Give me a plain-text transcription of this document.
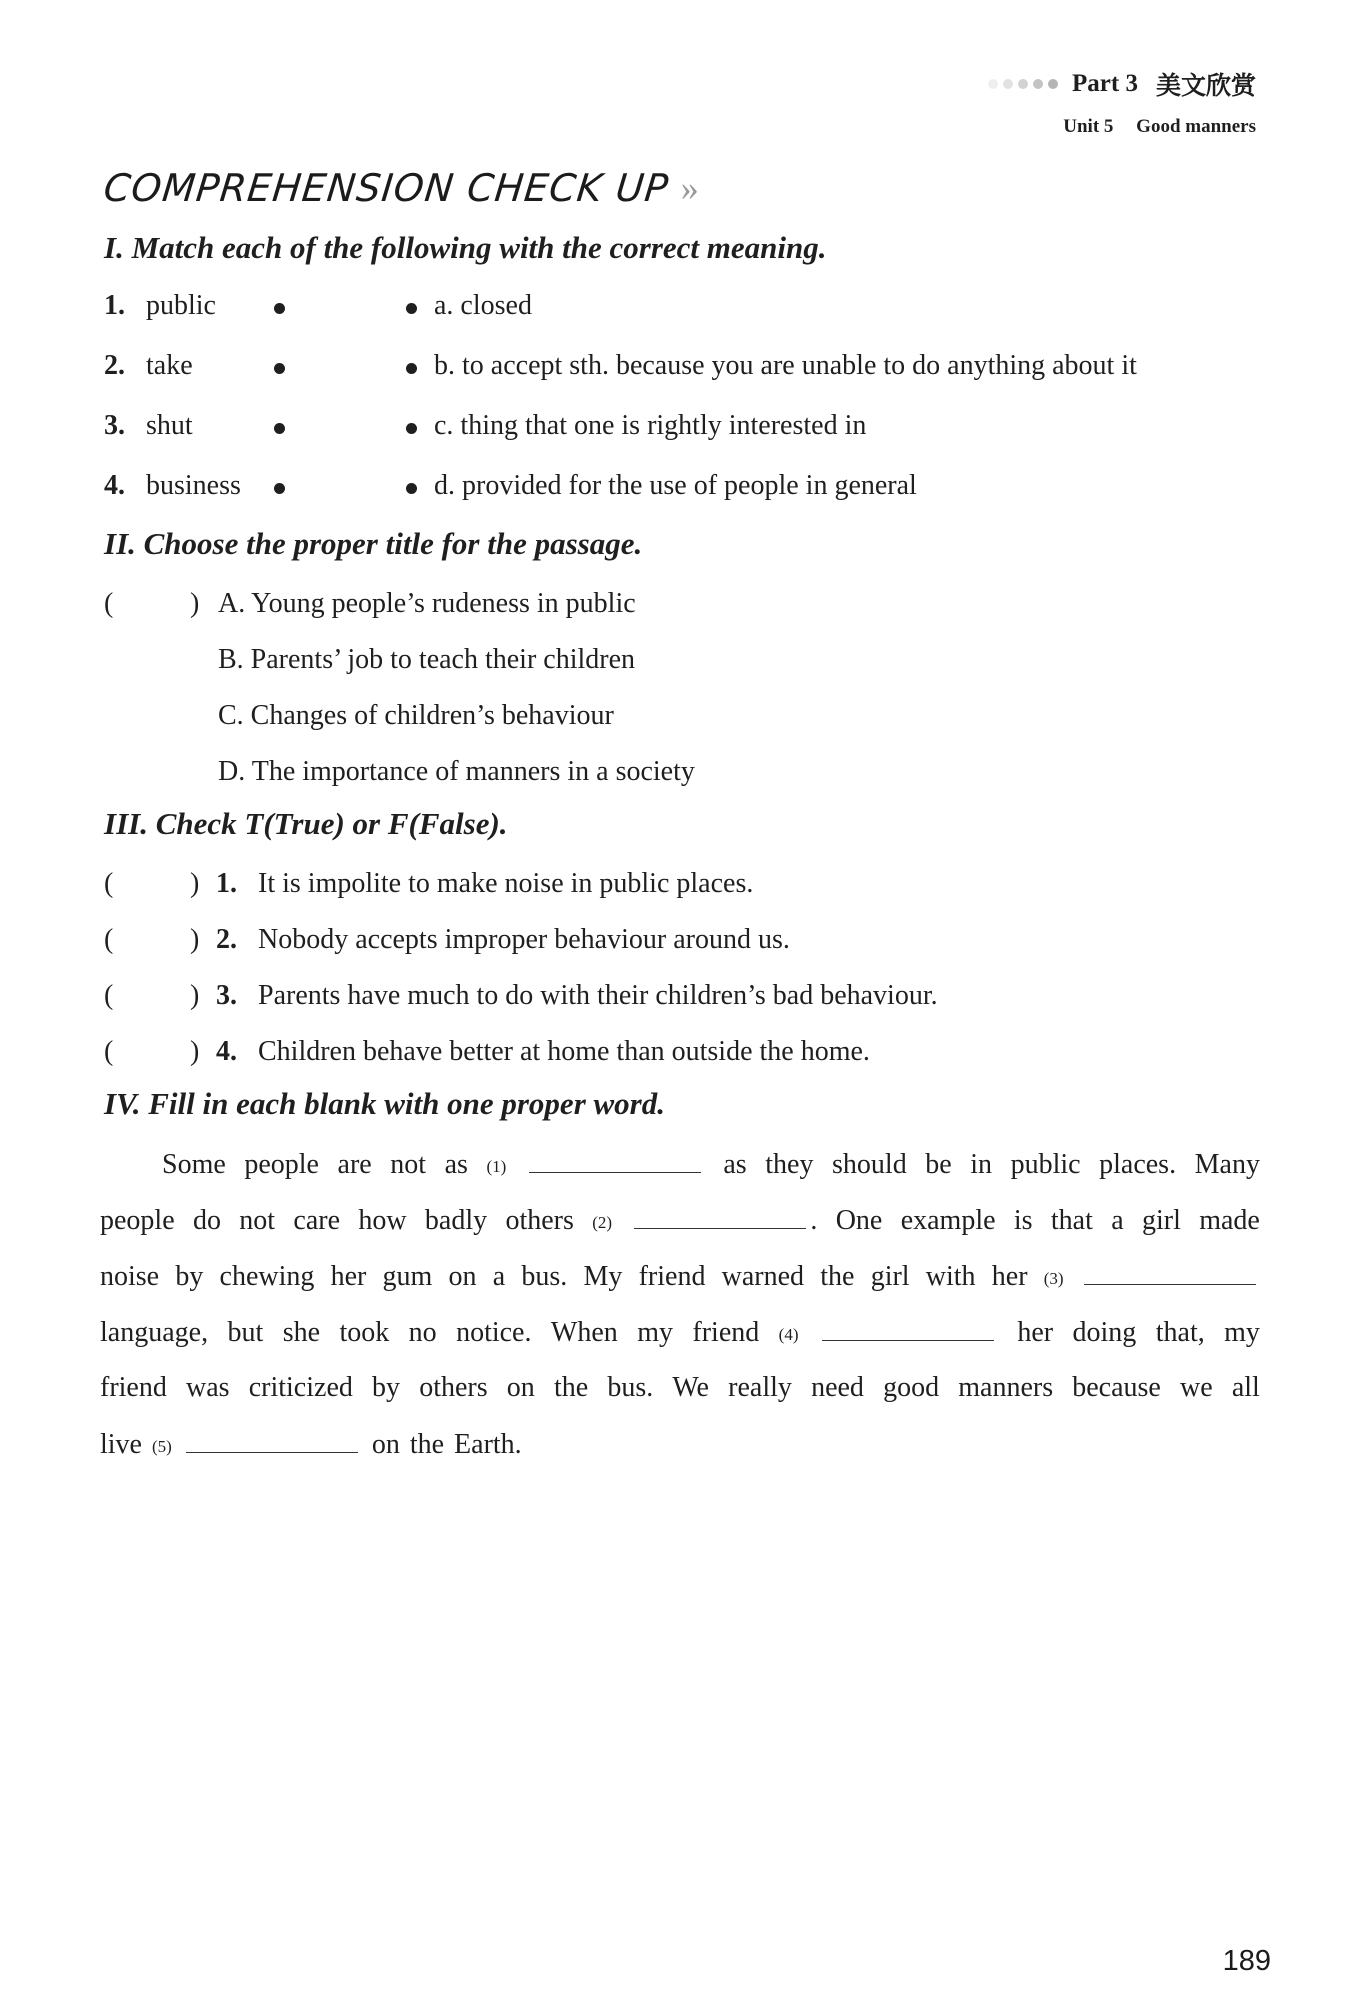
Part 3 美文欣赏
Unit 5 Good manners
COMPREHENSION CHECK UP »
I. Match each of the following with the correct meaning.
1. public	a. closed
2. take	b. to accept sth. because you are unable to do anything about it
3. shut	c. thing that one is rightly interested in
4. business	d. provided for the use of people in general
II. Choose the proper title for the passage.
(	) A. Young people’s rudeness in public
B. Parents’ job to teach their children
C. Changes of children’s behaviour
D. The importance of manners in a society
III. Check T(True) or F(False).
(	) 1. It is impolite to make noise in public places.
(	) 2. Nobody accepts improper behaviour around us.
(	) 3. Parents have much to do with their children’s bad behaviour.
(	) 4. Children behave better at home than outside the home.
IV. Fill in each blank with one proper word.
Some people are not as (1)	as they should be in public places. Many
people do not care how badly others (2)	. One example is that a girl made
noise by chewing her gum on a bus. My friend warned the girl with her (3)
language, but she took no notice. When my friend (4)	her doing that, my
friend was criticized by others on the bus. We really need good manners because we all
live (5)	on the Earth.
189
